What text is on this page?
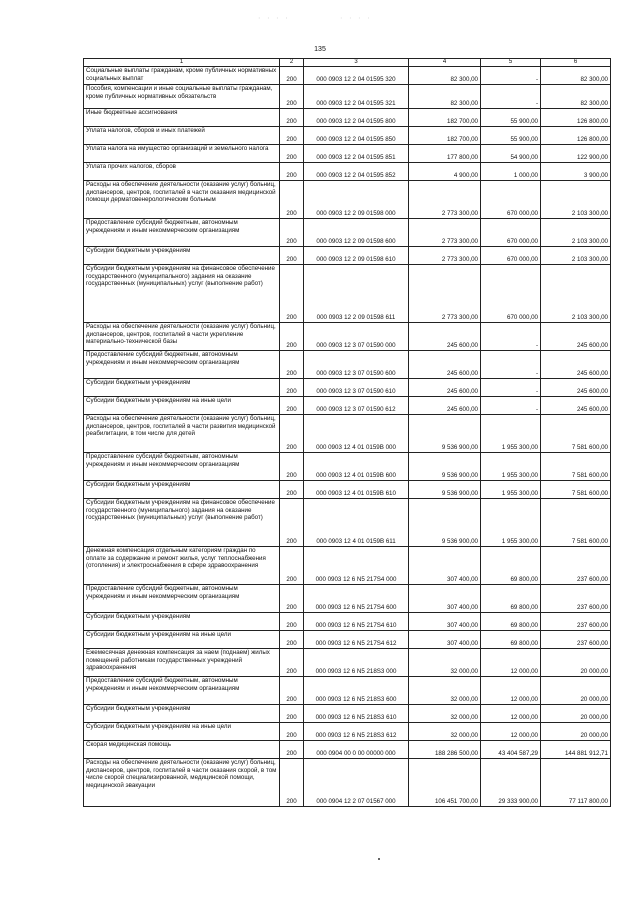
· · · ·	· · · ·
135
1	2	3	4	5	6
Социальные выплаты гражданам, кроме публичных нормативных социальных выплат	200	000 0903 12 2 04 01595 320	82 300,00	-	82 300,00
Пособия, компенсации и иные социальные выплаты гражданам, кроме публичных нормативных обязательств	200	000 0903 12 2 04 01595 321	82 300,00	-	82 300,00
Иные бюджетные ассигнования	200	000 0903 12 2 04 01595 800	182 700,00	55 900,00	126 800,00
Уплата налогов, сборов и иных платежей	200	000 0903 12 2 04 01595 850	182 700,00	55 900,00	126 800,00
Уплата налога на имущество организаций и земельного налога	200	000 0903 12 2 04 01595 851	177 800,00	54 900,00	122 900,00
Уплата прочих налогов, сборов	200	000 0903 12 2 04 01595 852	4 900,00	1 000,00	3 900,00
Расходы на обеспечение деятельности (оказание услуг) больниц, диспансеров, центров, госпиталей в части оказания медицинской помощи дерматовенерологическим больным	200	000 0903 12 2 09 01598 000	2 773 300,00	670 000,00	2 103 300,00
Предоставление субсидий бюджетным, автономным учреждениям и иным некоммерческим организациям	200	000 0903 12 2 09 01598 600	2 773 300,00	670 000,00	2 103 300,00
Субсидии бюджетным учреждениям	200	000 0903 12 2 09 01598 610	2 773 300,00	670 000,00	2 103 300,00
Субсидии бюджетным учреждениям на финансовое обеспечение государственного (муниципального) задания на оказание государственных (муниципальных) услуг (выполнение работ)	200	000 0903 12 2 09 01598 611	2 773 300,00	670 000,00	2 103 300,00
Расходы на обеспечение деятельности (оказание услуг) больниц, диспансеров, центров, госпиталей в части укрепление материально-технической базы	200	000 0903 12 3 07 01590 000	245 600,00	-	245 600,00
Предоставление субсидий бюджетным, автономным учреждениям и иным некоммерческим организациям	200	000 0903 12 3 07 01590 600	245 600,00	-	245 600,00
Субсидии бюджетным учреждениям	200	000 0903 12 3 07 01590 610	245 600,00	-	245 600,00
Субсидии бюджетным учреждениям на иные цели	200	000 0903 12 3 07 01590 612	245 600,00	-	245 600,00
Расходы на обеспечение деятельности (оказание услуг) больниц, диспансеров, центров, госпиталей в части развития медицинской реабилитации, в том числе для детей	200	000 0903 12 4 01 0159В 000	9 536 900,00	1 955 300,00	7 581 600,00
Предоставление субсидий бюджетным, автономным учреждениям и иным некоммерческим организациям	200	000 0903 12 4 01 0159В 600	9 536 900,00	1 955 300,00	7 581 600,00
Субсидии бюджетным учреждениям	200	000 0903 12 4 01 0159В 610	9 536 900,00	1 955 300,00	7 581 600,00
Субсидии бюджетным учреждениям на финансовое обеспечение государственного (муниципального) задания на оказание государственных (муниципальных) услуг (выполнение работ)	200	000 0903 12 4 01 0159В 611	9 536 900,00	1 955 300,00	7 581 600,00
Денежная компенсация отдельным категориям граждан по оплате за содержание и ремонт жилья, услуг теплоснабжения (отопления) и электроснабжения в сфере здравоохранения	200	000 0903 12 6 N5 217S4 000	307 400,00	69 800,00	237 600,00
Предоставление субсидий бюджетным, автономным учреждениям и иным некоммерческим организациям	200	000 0903 12 6 N5 217S4 600	307 400,00	69 800,00	237 600,00
Субсидии бюджетным учреждениям	200	000 0903 12 6 N5 217S4 610	307 400,00	69 800,00	237 600,00
Субсидии бюджетным учреждениям на иные цели	200	000 0903 12 6 N5 217S4 612	307 400,00	69 800,00	237 600,00
Ежемесячная денежная компенсация за наем (поднаем) жилых помещений работникам государственных учреждений здравоохранения	200	000 0903 12 6 N5 218S3 000	32 000,00	12 000,00	20 000,00
Предоставление субсидий бюджетным, автономным учреждениям и иным некоммерческим организациям	200	000 0903 12 6 N5 218S3 600	32 000,00	12 000,00	20 000,00
Субсидии бюджетным учреждениям	200	000 0903 12 6 N5 218S3 610	32 000,00	12 000,00	20 000,00
Субсидии бюджетным учреждениям на иные цели	200	000 0903 12 6 N5 218S3 612	32 000,00	12 000,00	20 000,00
Скорая медицинская помощь	200	000 0904 00 0 00 00000 000	188 286 500,00	43 404 587,29	144 881 912,71
Расходы на обеспечение деятельности (оказание услуг) больниц, диспансеров, центров, госпиталей в части оказания скорой, в том числе скорой специализированной, медицинской помощи, медицинской эвакуации	200	000 0904 12 2 07 01567 000	106 451 700,00	29 333 900,00	77 117 800,00
